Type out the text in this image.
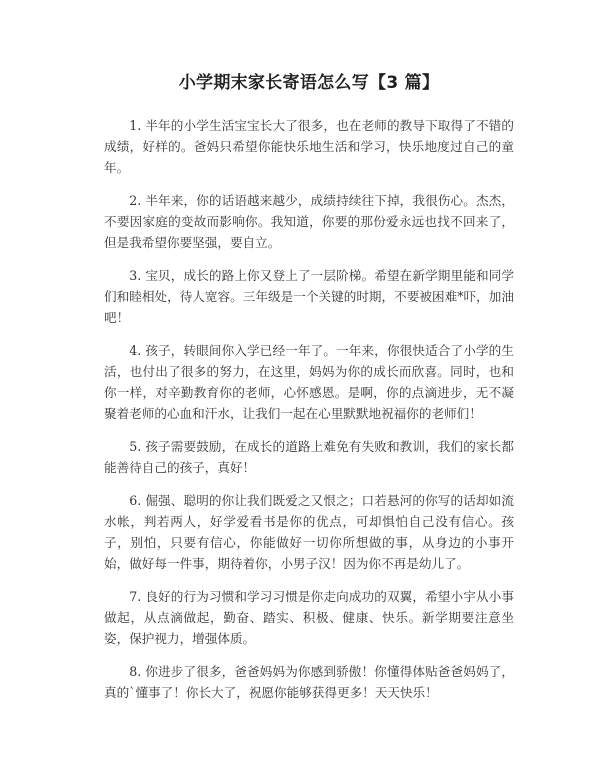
小学期末家长寄语怎么写【3 篇】

1. 半年的小学生活宝宝长大了很多，也在老师的教导下取得了不错的成绩，好样的。爸妈只希望你能快乐地生活和学习，快乐地度过自己的童年。

2. 半年来，你的话语越来越少，成绩持续往下掉，我很伤心。杰杰，不要因家庭的变故而影响你。我知道，你要的那份爱永远也找不回来了，但是我希望你要坚强，要自立。

3. 宝贝，成长的路上你又登上了一层阶梯。希望在新学期里能和同学们和睦相处，待人宽容。三年级是一个关键的时期，不要被困难*吓，加油吧！

4. 孩子，转眼间你入学已经一年了。一年来，你很快适合了小学的生活，也付出了很多的努力，在这里，妈妈为你的成长而欣喜。同时，也和你一样，对辛勤教育你的老师，心怀感恩。是啊，你的点滴进步，无不凝聚着老师的心血和汗水，让我们一起在心里默默地祝福你的老师们！

5. 孩子需要鼓励，在成长的道路上难免有失败和教训，我们的家长都能善待自己的孩子，真好！

6. 倔强、聪明的你让我们既爱之又恨之；口若悬河的你写的话却如流水帐，判若两人，好学爱看书是你的优点，可却惧怕自己没有信心。孩子，别怕，只要有信心，你能做好一切你所想做的事，从身边的小事开始，做好每一件事，期待着你，小男子汉！因为你不再是幼儿了。

7. 良好的行为习惯和学习习惯是你走向成功的双翼，希望小宇从小事做起，从点滴做起，勤奋、踏实、积极、健康、快乐。新学期要注意坐姿，保护视力，增强体质。

8. 你进步了很多，爸爸妈妈为你感到骄傲！你懂得体贴爸爸妈妈了，真的`懂事了！你长大了，祝愿你能够获得更多！天天快乐！
